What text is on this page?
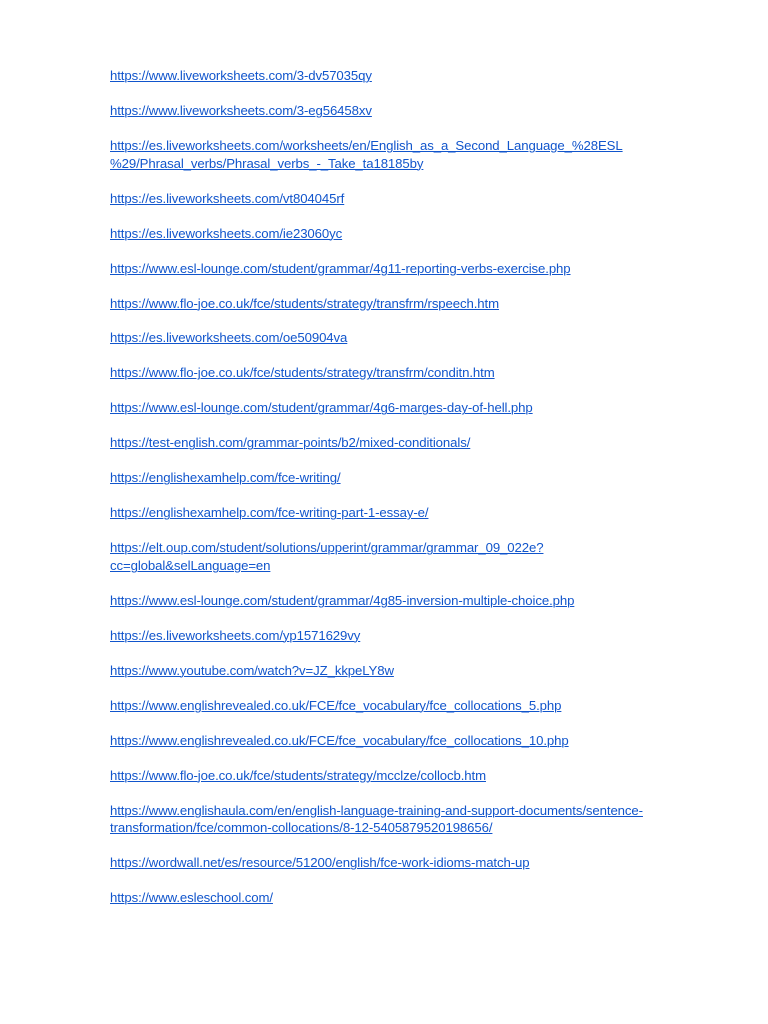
https://www.liveworksheets.com/3-dv57035qy
https://www.liveworksheets.com/3-eg56458xv
https://es.liveworksheets.com/worksheets/en/English_as_a_Second_Language_%28ESL
%29/Phrasal_verbs/Phrasal_verbs_-_Take_ta18185by
https://es.liveworksheets.com/vt804045rf
https://es.liveworksheets.com/ie23060yc
https://www.esl-lounge.com/student/grammar/4g11-reporting-verbs-exercise.php
https://www.flo-joe.co.uk/fce/students/strategy/transfrm/rspeech.htm
https://es.liveworksheets.com/oe50904va
https://www.flo-joe.co.uk/fce/students/strategy/transfrm/conditn.htm
https://www.esl-lounge.com/student/grammar/4g6-marges-day-of-hell.php
https://test-english.com/grammar-points/b2/mixed-conditionals/
https://englishexamhelp.com/fce-writing/
https://englishexamhelp.com/fce-writing-part-1-essay-e/
https://elt.oup.com/student/solutions/upperint/grammar/grammar_09_022e?
cc=global&selLanguage=en
https://www.esl-lounge.com/student/grammar/4g85-inversion-multiple-choice.php
https://es.liveworksheets.com/yp1571629vy
https://www.youtube.com/watch?v=JZ_kkpeLY8w
https://www.englishrevealed.co.uk/FCE/fce_vocabulary/fce_collocations_5.php
https://www.englishrevealed.co.uk/FCE/fce_vocabulary/fce_collocations_10.php
https://www.flo-joe.co.uk/fce/students/strategy/mcclze/collocb.htm
https://www.englishaula.com/en/english-language-training-and-support-documents/sentence-
transformation/fce/common-collocations/8-12-5405879520198656/
https://wordwall.net/es/resource/51200/english/fce-work-idioms-match-up
https://www.esleschool.com/
